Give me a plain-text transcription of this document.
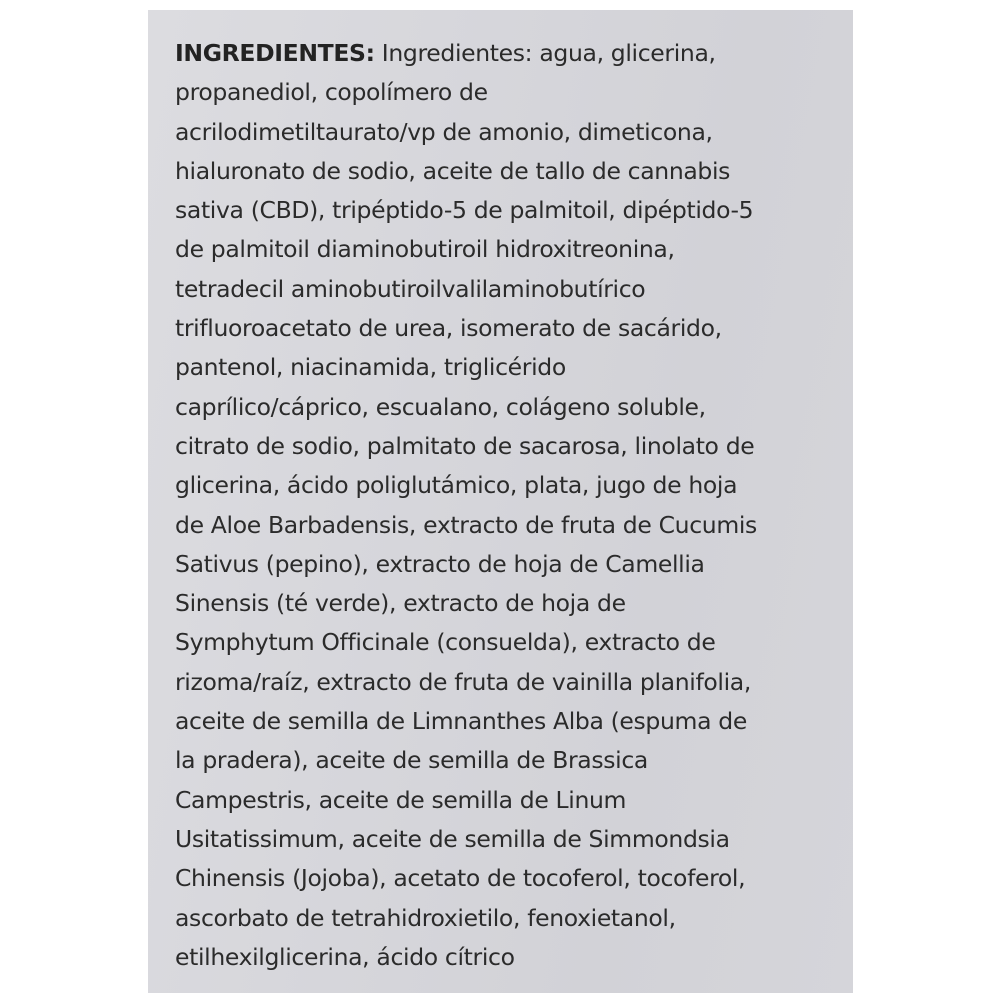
INGREDIENTES: Ingredientes: agua, glicerina,
propanediol, copolímero de
acrilodimetiltaurato/vp de amonio, dimeticona,
hialuronato de sodio, aceite de tallo de cannabis
sativa (CBD), tripéptido-5 de palmitoil, dipéptido-5
de palmitoil diaminobutiroil hidroxitreonina,
tetradecil aminobutiroilvalilaminobutírico
trifluoroacetato de urea, isomerato de sacárido,
pantenol, niacinamida, triglicérido
caprílico/cáprico, escualano, colágeno soluble,
citrato de sodio, palmitato de sacarosa, linolato de
glicerina, ácido poliglutámico, plata, jugo de hoja
de Aloe Barbadensis, extracto de fruta de Cucumis
Sativus (pepino), extracto de hoja de Camellia
Sinensis (té verde), extracto de hoja de
Symphytum Officinale (consuelda), extracto de
rizoma/raíz, extracto de fruta de vainilla planifolia,
aceite de semilla de Limnanthes Alba (espuma de
la pradera), aceite de semilla de Brassica
Campestris, aceite de semilla de Linum
Usitatissimum, aceite de semilla de Simmondsia
Chinensis (Jojoba), acetato de tocoferol, tocoferol,
ascorbato de tetrahidroxietilo, fenoxietanol,
etilhexilglicerina, ácido cítrico
